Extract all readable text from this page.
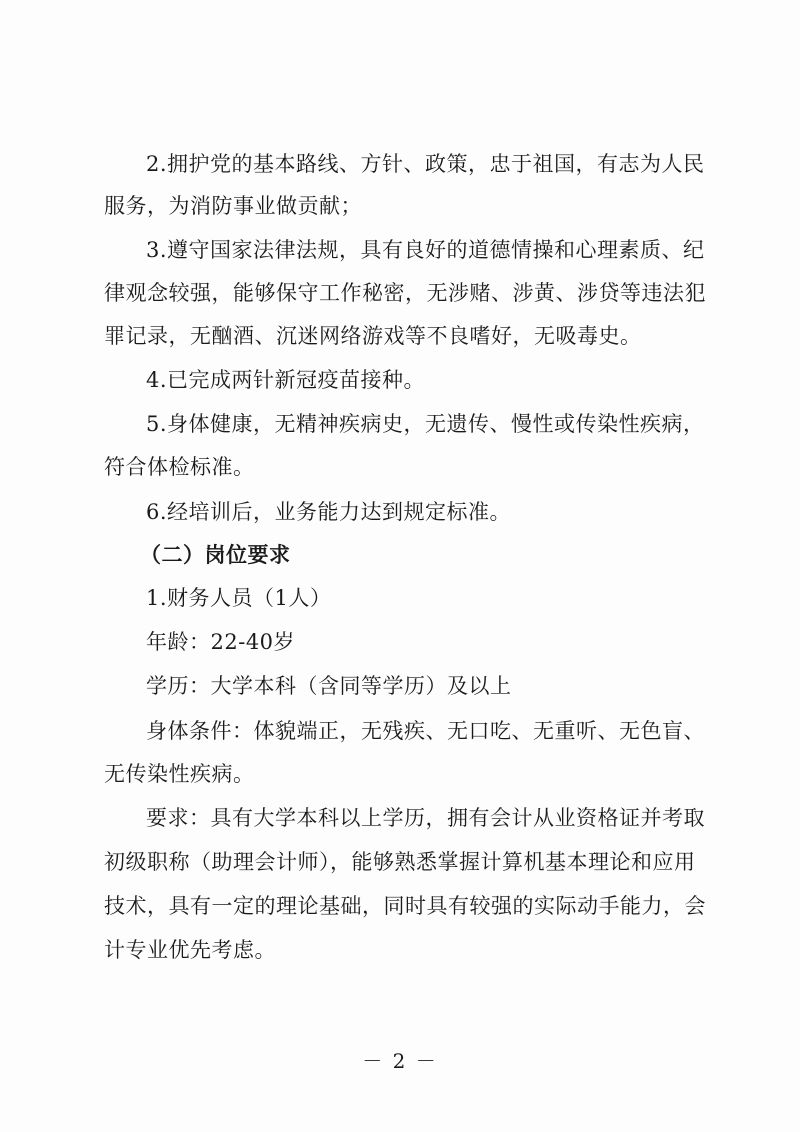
2.拥护党的基本路线、方针、政策，忠于祖国，有志为人民
服务，为消防事业做贡献；
3.遵守国家法律法规，具有良好的道德情操和心理素质、纪
律观念较强，能够保守工作秘密，无涉赌、涉黄、涉贷等违法犯
罪记录，无酗酒、沉迷网络游戏等不良嗜好，无吸毒史。
4.已完成两针新冠疫苗接种。
5.身体健康，无精神疾病史，无遗传、慢性或传染性疾病，
符合体检标准。
6.经培训后，业务能力达到规定标准。
（二）岗位要求
1.财务人员（1人）
年龄：22-40岁
学历：大学本科（含同等学历）及以上
身体条件：体貌端正，无残疾、无口吃、无重听、无色盲、
无传染性疾病。
要求：具有大学本科以上学历，拥有会计从业资格证并考取
初级职称（助理会计师），能够熟悉掌握计算机基本理论和应用
技术，具有一定的理论基础，同时具有较强的实际动手能力，会
计专业优先考虑。
－ 2 －
